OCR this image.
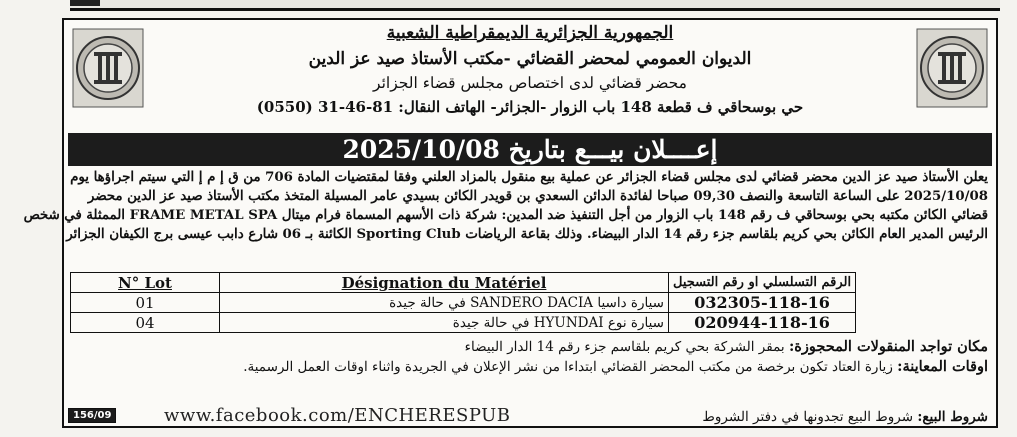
الجمهورية الجزائرية الديمقراطية الشعبية
الديوان العمومي لمحضر القضائي -مكتب الأستاذ صيد عز الدين
محضر قضائي لدى اختصاص مجلس قضاء الجزائر
حي بوسحاقي ف قطعة 148 باب الزوار -الجزائر- الهاتف النقال: 81-46-31 (0550)
إعــــلان بيـــع بتاريخ 2025/10/08

يعلن الأستاذ صيد عز الدين محضر قضائي لدى مجلس قضاء الجزائر عن عملية بيع منقول بالمزاد العلني وفقا لمقتضيات المادة 706 من ق إ م إ التي سيتم اجراؤها يوم

2025/10/08 على الساعة التاسعة والنصف 09,30 صباحا لفائدة الدائن السعدي بن قويدر الكائن بسيدي عامر المسيلة المتخذ مكتب الأستاذ صيد عز الدين محضر

قضائي الكائن مكتبه بحي بوسحاقي ف رقم 148 باب الزوار من أجل التنفيذ ضد المدين: شركة ذات الأسهم المسماة فرام ميتال FRAME METAL SPA الممثلة في شخص

الرئيس المدير العام الكائن بحي كريم بلقاسم جزء رقم 14 الدار البيضاء. وذلك بقاعة الرياضات Sporting Club الكائنة بـ 06 شارع دابب عيسى برج الكيفان الجزائر

N° Lot	Désignation du Matériel	الرقم التسلسلي او رقم التسجيل
01	سيارة داسيا SANDERO DACIA في حالة جيدة	032305-118-16
04	سيارة نوع HYUNDAI في حالة جيدة	020944-118-16

مكان تواجد المنقولات المحجوزة: بمقر الشركة بحي كريم بلقاسم جزء رقم 14 الدار البيضاء

اوقات المعاينة: زيارة العتاد تكون برخصة من مكتب المحضر القضائي ابتداءا من نشر الإعلان في الجريدة واثناء اوقات العمل الرسمية.

156/09	www.facebook.com/ENCHERESPUB	شروط البيع: شروط البيع تجدونها في دفتر الشروط
